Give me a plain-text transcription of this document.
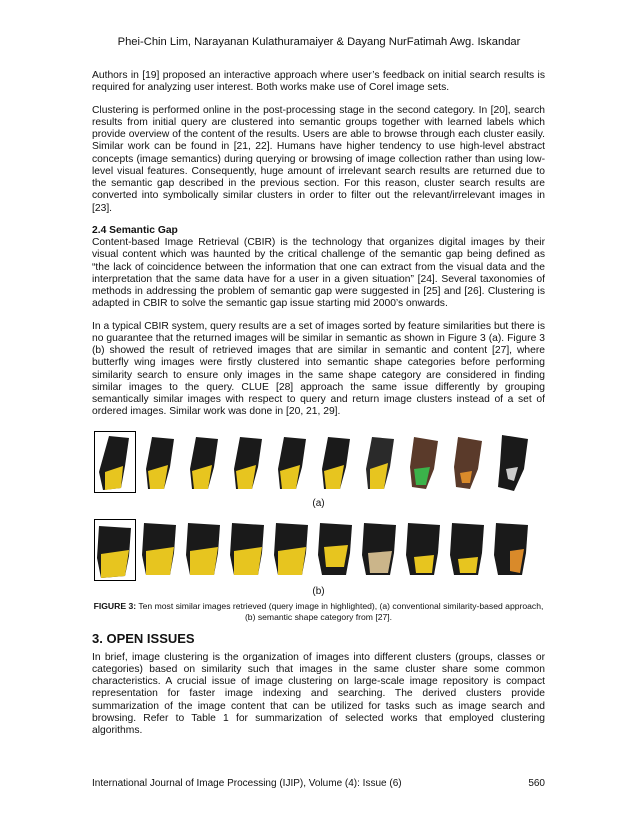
Phei-Chin Lim, Narayanan Kulathuramaiyer & Dayang NurFatimah Awg. Iskandar

Authors in [19] proposed an interactive approach where user’s feedback on initial search results is required for analyzing user interest. Both works make use of Corel image sets.

Clustering is performed online in the post-processing stage in the second category. In [20], search results from initial query are clustered into semantic groups together with learned labels which provide overview of the content of the results. Users are able to browse through each cluster easily. Similar work can be found in [21, 22]. Humans have higher tendency to use high-level abstract concepts (image semantics) during querying or browsing of image collection rather than using low-level visual features. Consequently, huge amount of irrelevant search results are returned due to the semantic gap described in the previous section. For this reason, cluster search results are converted into symbolically similar clusters in order to filter out the relevant/irrelevant images in [23].

2.4 Semantic Gap

Content-based Image Retrieval (CBIR) is the technology that organizes digital images by their visual content which was haunted by the critical challenge of the semantic gap being defined as “the lack of coincidence between the information that one can extract from the visual data and the interpretation that the same data have for a user in a given situation” [24]. Several taxonomies of methods in addressing the problem of semantic gap were suggested in [25] and [26]. Clustering is adapted in CBIR to solve the semantic gap issue starting mid 2000’s onwards.

In a typical CBIR system, query results are a set of images sorted by feature similarities but there is no guarantee that the returned images will be similar in semantic as shown in Figure 3 (a). Figure 3 (b) showed the result of retrieved images that are similar in semantic and content [27], where butterfly wing images were firstly clustered into semantic shape categories before performing similarity search to ensure only images in the same shape category are considered in finding similar images to the query. CLUE [28] approach the same issue differently by grouping semantically similar images with respect to query and return image clusters instead of a set of ordered images. Similar work was done in [20, 21, 29].

(a)
(b)
FIGURE 3: Ten most similar images retrieved (query image in highlighted), (a) conventional similarity-based approach, (b) semantic shape category from [27].

3. OPEN ISSUES

In brief, image clustering is the organization of images into different clusters (groups, classes or categories) based on similarity such that images in the same cluster share some common characteristics. A crucial issue of image clustering on large-scale image repository is compact representation for faster image indexing and searching. The derived clusters provide summarization of the image content that can be utilized for tasks such as image search and browsing. Refer to Table 1 for summarization of selected works that employed clustering algorithms.

International Journal of Image Processing (IJIP), Volume (4): Issue (6)	560
